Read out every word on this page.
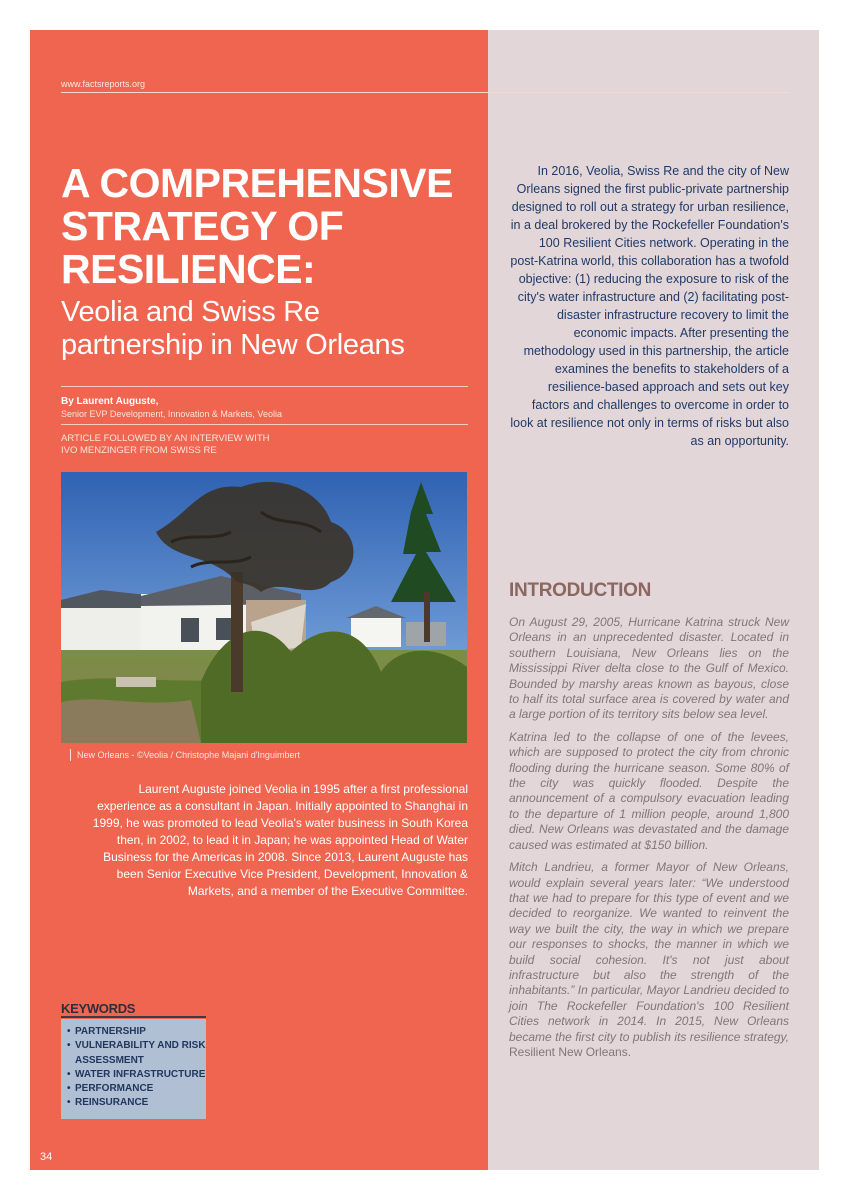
www.factsreports.org
A COMPREHENSIVE
STRATEGY OF
RESILIENCE:
Veolia and Swiss Re
partnership in New Orleans
By Laurent Auguste,
Senior EVP Development, Innovation & Markets, Veolia
ARTICLE FOLLOWED BY AN INTERVIEW WITH
IVO MENZINGER FROM SWISS RE
New Orleans - ©Veolia / Christophe Majani d'Inguimbert
Laurent Auguste joined Veolia in 1995 after a first professional experience as a consultant in Japan. Initially appointed to Shanghai in 1999, he was promoted to lead Veolia's water business in South Korea then, in 2002, to lead it in Japan; he was appointed Head of Water Business for the Americas in 2008. Since 2013, Laurent Auguste has been Senior Executive Vice President, Development, Innovation & Markets, and a member of the Executive Committee.
KEYWORDS
• PARTNERSHIP
• VULNERABILITY AND RISK ASSESSMENT
• WATER INFRASTRUCTURE
• PERFORMANCE
• REINSURANCE
34
In 2016, Veolia, Swiss Re and the city of New Orleans signed the first public-private partnership designed to roll out a strategy for urban resilience, in a deal brokered by the Rockefeller Foundation's 100 Resilient Cities network. Operating in the post-Katrina world, this collaboration has a twofold objective: (1) reducing the exposure to risk of the city's water infrastructure and (2) facilitating post-disaster infrastructure recovery to limit the economic impacts. After presenting the methodology used in this partnership, the article examines the benefits to stakeholders of a resilience-based approach and sets out key factors and challenges to overcome in order to look at resilience not only in terms of risks but also as an opportunity.
INTRODUCTION

On August 29, 2005, Hurricane Katrina struck New Orleans in an unprecedented disaster. Located in southern Louisiana, New Orleans lies on the Mississippi River delta close to the Gulf of Mexico. Bounded by marshy areas known as bayous, close to half its total surface area is covered by water and a large portion of its territory sits below sea level.

Katrina led to the collapse of one of the levees, which are supposed to protect the city from chronic flooding during the hurricane season. Some 80% of the city was quickly flooded. Despite the announcement of a compulsory evacuation leading to the departure of 1 million people, around 1,800 died. New Orleans was devastated and the damage caused was estimated at $150 billion.

Mitch Landrieu, a former Mayor of New Orleans, would explain several years later: “We understood that we had to prepare for this type of event and we decided to reorganize. We wanted to reinvent the way we built the city, the way in which we prepare our responses to shocks, the manner in which we build social cohesion. It's not just about infrastructure but also the strength of the inhabitants.” In particular, Mayor Landrieu decided to join The Rockefeller Foundation's 100 Resilient Cities network in 2014. In 2015, New Orleans became the first city to publish its resilience strategy, Resilient New Orleans.
